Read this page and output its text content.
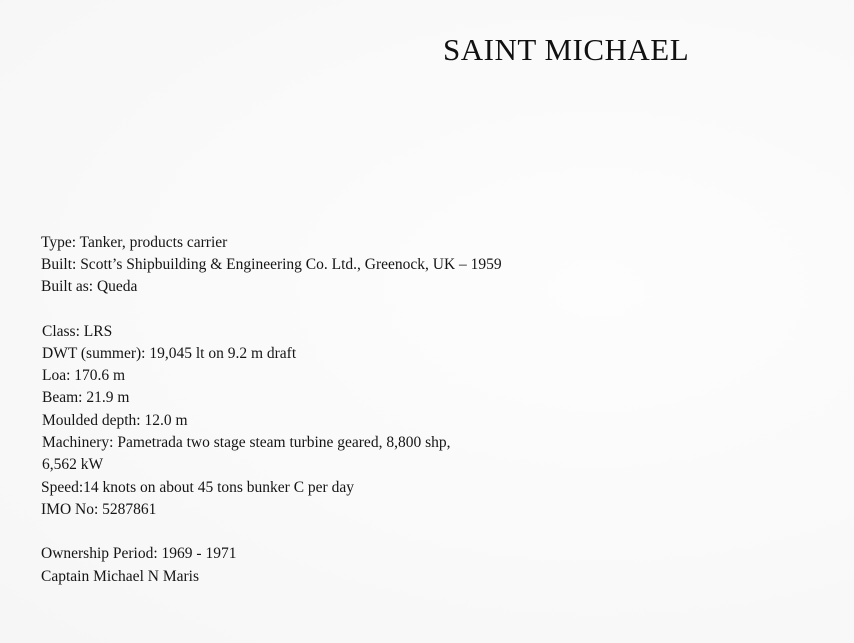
SAINT MICHAEL
Type: Tanker, products carrier
Built: Scott’s Shipbuilding & Engineering Co. Ltd., Greenock, UK – 1959
Built as: Queda
Class: LRS
DWT (summer): 19,045 lt on 9.2 m draft
Loa: 170.6 m
Beam: 21.9 m
Moulded depth: 12.0 m
Machinery: Pametrada two stage steam turbine geared, 8,800 shp,
6,562 kW
Speed:14 knots on about 45 tons bunker C per day
IMO No: 5287861
Ownership Period: 1969 - 1971
Captain Michael N Maris
